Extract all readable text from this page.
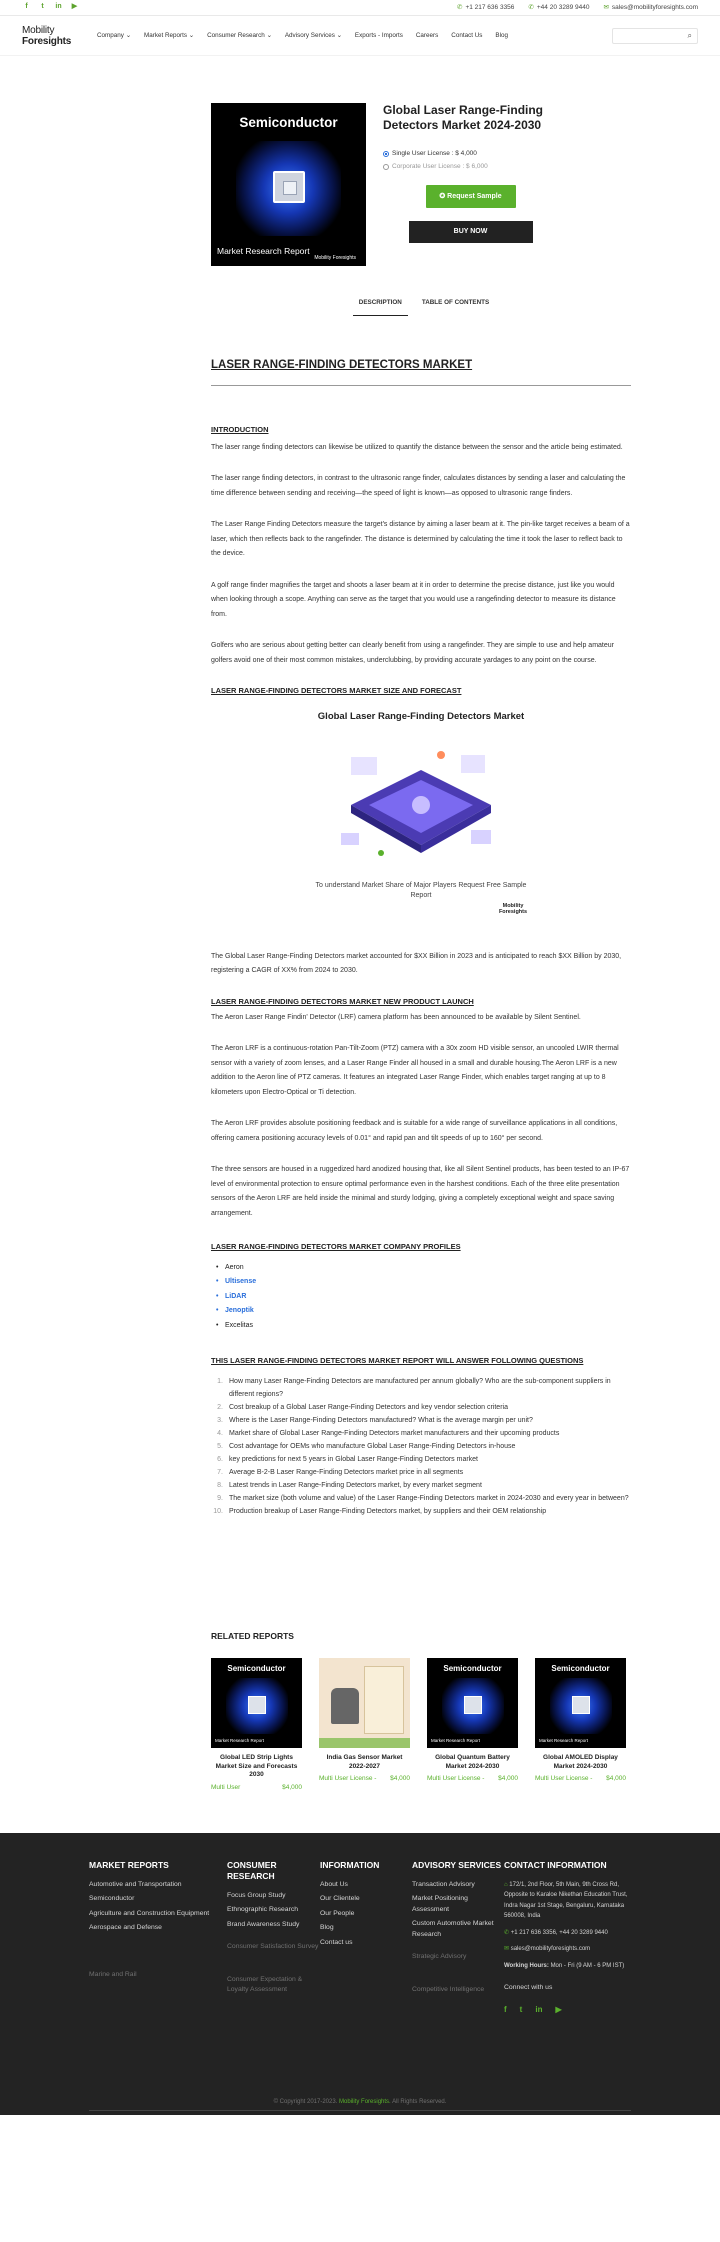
f	t	in ▶	✆ +1 217 636 3356 ✆ +44 20 3289 9440 ✉ sales@mobilityforesights.com
Mobility
Foresights
Company ⌄ Market Reports ⌄ Consumer Research ⌄ Advisory Services ⌄ Exports - Imports Careers Contact Us Blog	⌕
Semiconductor
Market Research Report
Mobility Foresights
Global Laser Range-Finding Detectors Market 2024-2030
Single User License : $ 4,000
Corporate User License : $ 6,000
✪ Request Sample
BUY NOW
DESCRIPTION	TABLE OF CONTENTS
LASER RANGE-FINDING DETECTORS MARKET
INTRODUCTION

The laser range finding detectors can likewise be utilized to quantify the distance between the sensor and the article being estimated.

The laser range finding detectors, in contrast to the ultrasonic range finder, calculates distances by sending a laser and calculating the time difference between sending and receiving—the speed of light is known—as opposed to ultrasonic range finders.

The Laser Range Finding Detectors measure the target's distance by aiming a laser beam at it. The pin-like target receives a beam of a laser, which then reflects back to the rangefinder. The distance is determined by calculating the time it took the laser to reflect back to the device.

A golf range finder magnifies the target and shoots a laser beam at it in order to determine the precise distance, just like you would when looking through a scope. Anything can serve as the target that you would use a rangefinding detector to measure its distance from.

Golfers who are serious about getting better can clearly benefit from using a rangefinder. They are simple to use and help amateur golfers avoid one of their most common mistakes, underclubbing, by providing accurate yardages to any point on the course.

LASER RANGE-FINDING DETECTORS MARKET SIZE AND FORECAST
Global Laser Range-Finding Detectors Market
To understand Market Share of Major Players Request Free Sample Report
Mobility Foresights

The Global Laser Range-Finding Detectors market accounted for $XX Billion in 2023 and is anticipated to reach $XX Billion by 2030, registering a CAGR of XX% from 2024 to 2030.

LASER RANGE-FINDING DETECTORS MARKET NEW PRODUCT LAUNCH

The Aeron Laser Range Findin' Detector (LRF) camera platform has been announced to be available by Silent Sentinel.

The Aeron LRF is a continuous-rotation Pan-Tilt-Zoom (PTZ) camera with a 30x zoom HD visible sensor, an uncooled LWIR thermal sensor with a variety of zoom lenses, and a Laser Range Finder all housed in a small and durable housing.The Aeron LRF is a new addition to the Aeron line of PTZ cameras. It features an integrated Laser Range Finder, which enables target ranging at up to 8 kilometers upon Electro-Optical or Ti detection.

The Aeron LRF provides absolute positioning feedback and is suitable for a wide range of surveillance applications in all conditions, offering camera positioning accuracy levels of 0.01° and rapid pan and tilt speeds of up to 160° per second.

The three sensors are housed in a ruggedized hard anodized housing that, like all Silent Sentinel products, has been tested to an IP-67 level of environmental protection to ensure optimal performance even in the harshest conditions. Each of the three elite presentation sensors of the Aeron LRF are held inside the minimal and sturdy lodging, giving a completely exceptional weight and space saving arrangement.

LASER RANGE-FINDING DETECTORS MARKET COMPANY PROFILES
• Aeron
• Ultisense
• LiDAR
• Jenoptik
• Excelitas
THIS LASER RANGE-FINDING DETECTORS MARKET REPORT WILL ANSWER FOLLOWING QUESTIONS
1. How many Laser Range-Finding Detectors are manufactured per annum globally? Who are the sub-component suppliers in different regions?
2. Cost breakup of a Global Laser Range-Finding Detectors and key vendor selection criteria
3. Where is the Laser Range-Finding Detectors manufactured? What is the average margin per unit?
4. Market share of Global Laser Range-Finding Detectors market manufacturers and their upcoming products
5. Cost advantage for OEMs who manufacture Global Laser Range-Finding Detectors in-house
6. key predictions for next 5 years in Global Laser Range-Finding Detectors market
7. Average B-2-B Laser Range-Finding Detectors market price in all segments
8. Latest trends in Laser Range-Finding Detectors market, by every market segment
9. The market size (both volume and value) of the Laser Range-Finding Detectors market in 2024-2030 and every year in between?
10. Production breakup of Laser Range-Finding Detectors market, by suppliers and their OEM relationship
RELATED REPORTS
Semiconductor
Market Research Report
Global LED Strip Lights Market Size and Forecasts 2030
Multi User	$4,000
India Gas Sensor Market 2022-2027
Multi User License - $4,000
Semiconductor
Market Research Report
Global Quantum Battery Market 2024-2030
Multi User License - $4,000
Semiconductor
Market Research Report
Global AMOLED Display Market 2024-2030
Multi User License - $4,000
MARKET REPORTS
Automotive and Transportation
Semiconductor
Agriculture and Construction Equipment
Aerospace and Defense
Marine and Rail
CONSUMER RESEARCH
Focus Group Study
Ethnographic Research
Brand Awareness Study
Consumer Satisfaction Survey
Consumer Expectation & Loyalty Assessment
INFORMATION
About Us
Our Clientele
Our People
Blog
Contact us
ADVISORY SERVICES
Transaction Advisory
Market Positioning Assessment
Custom Automotive Market Research
Strategic Advisory
Competitive Intelligence
CONTACT INFORMATION
⌂ 172/1, 2nd Floor, 5th Main, 9th Cross Rd, Opposite to Karaloe Nikethan Education Trust, Indra Nagar 1st Stage, Bengaluru, Karnataka 560008, India
✆ +1 217 636 3356, +44 20 3289 9440
✉ sales@mobilityforesights.com
Working Hours: Mon - Fri (9 AM - 6 PM IST)
Connect with us
f t in ▶
© Copyright 2017-2023. Mobility Foresights. All Rights Reserved.
